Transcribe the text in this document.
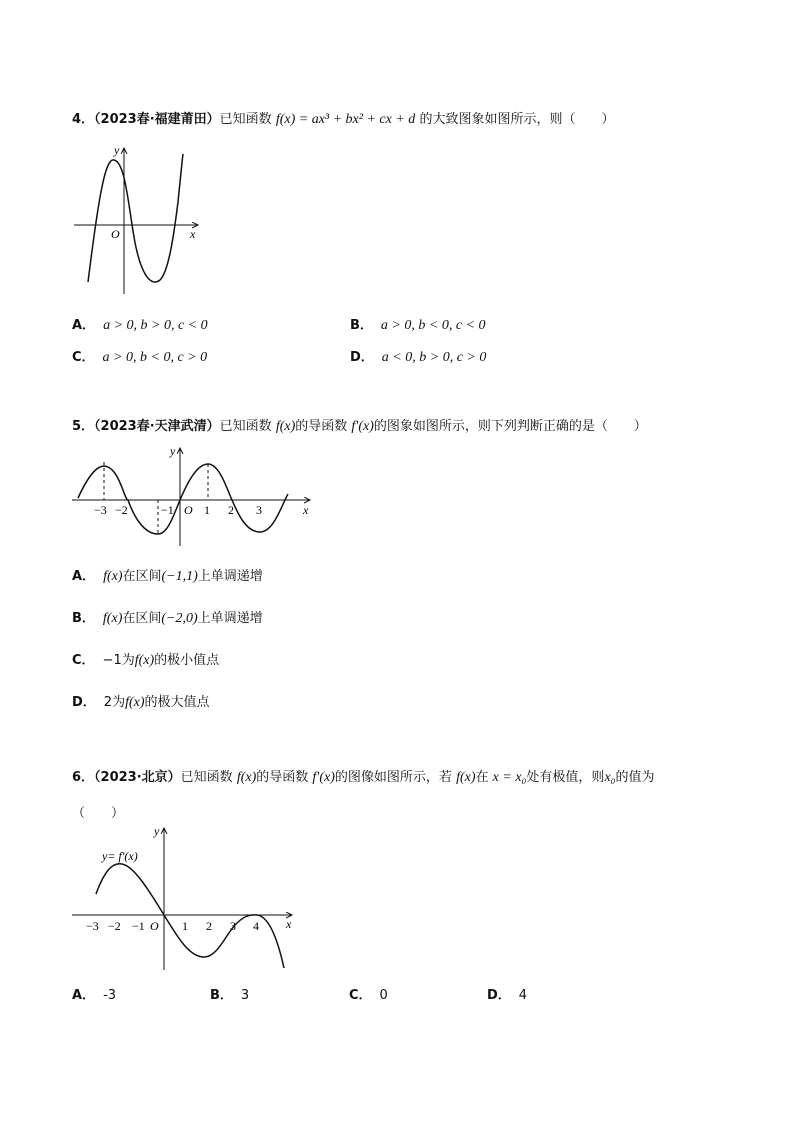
4．（2023春·福建莆田）已知函数 f(x) = ax³ + bx² + cx + d 的大致图象如图所示，则（　　）
y
x
O
A． a > 0, b > 0, c < 0	B． a > 0, b < 0, c < 0
C． a > 0, b < 0, c > 0	D． a < 0, b > 0, c > 0
5．（2023春·天津武清）已知函数 f(x)的导函数 f′(x)的图象如图所示，则下列判断正确的是（　　）
y
x
O
−3 −2	−1	1 2 3
A． f(x)在区间(−1,1)上单调递增
B． f(x)在区间(−2,0)上单调递增
C． −1为f(x)的极小值点
D． 2为f(x)的极大值点
6．（2023·北京）已知函数 f(x)的导函数 f′(x)的图像如图所示，若 f(x)在 x = x₀处有极值，则x₀的值为
（　　）
y= f′(x)
y
x
O
−3 −2 −1	1 2 3 4
A． -3	B． 3	C． 0	D． 4
